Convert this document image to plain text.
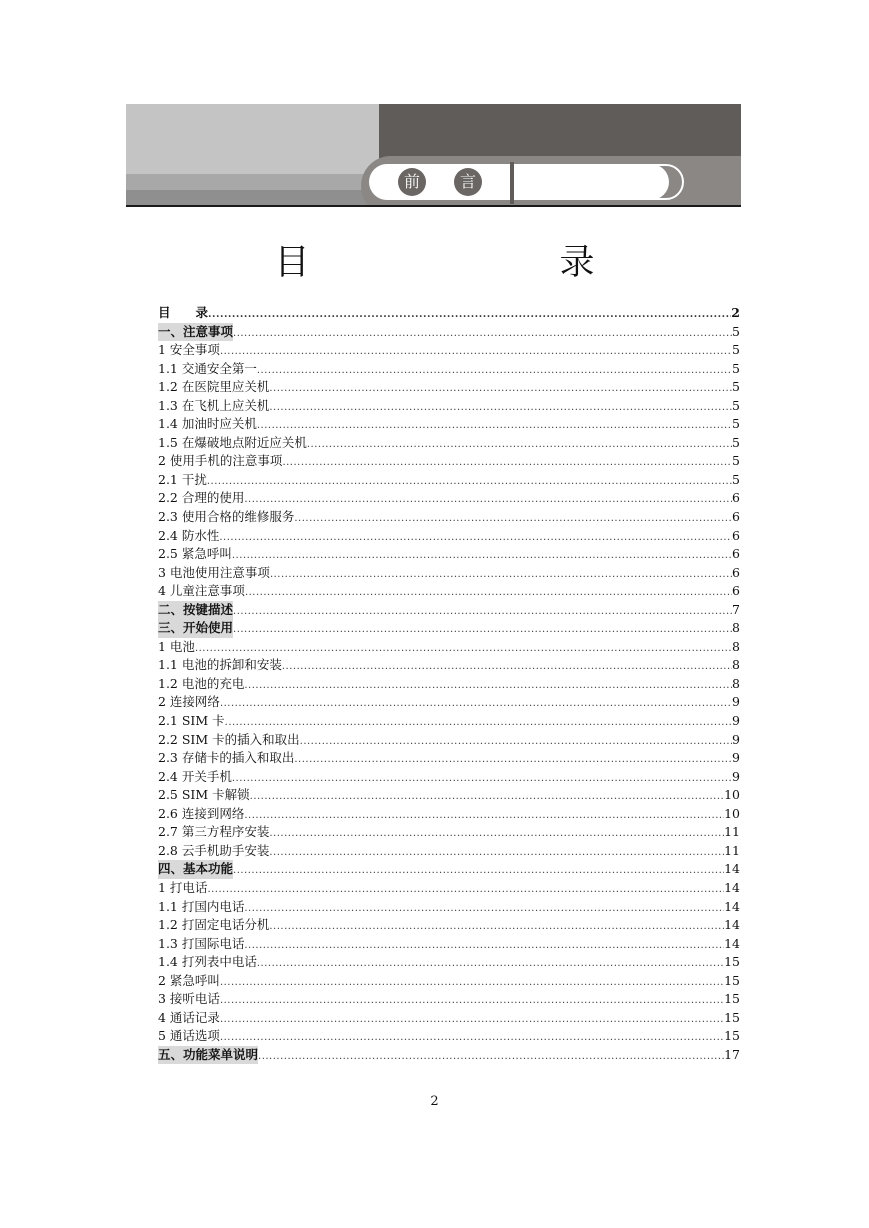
前	言	DOOV朵唯
目　　录
目　　录 .....	2
一、注意事项 .....	5
1 安全事项 .....	5
1.1 交通安全第一 .....	5
1.2 在医院里应关机 .....	5
1.3 在飞机上应关机 .....	5
1.4 加油时应关机 .....	5
1.5 在爆破地点附近应关机 .....	5
2 使用手机的注意事项 .....	5
2.1 干扰 .....	5
2.2 合理的使用 .....	6
2.3 使用合格的维修服务 .....	6
2.4 防水性 .....	6
2.5 紧急呼叫 .....	6
3 电池使用注意事项 .....	6
4 儿童注意事项 .....	6
二、按键描述 .....	7
三、开始使用 .....	8
1 电池 .....	8
1.1 电池的拆卸和安装 .....	8
1.2 电池的充电 .....	8
2 连接网络 .....	9
2.1 SIM 卡 .....	9
2.2 SIM 卡的插入和取出 .....	9
2.3 存储卡的插入和取出 .....	9
2.4 开关手机 .....	9
2.5 SIM 卡解锁 .....	10
2.6 连接到网络 .....	10
2.7 第三方程序安装 .....	11
2.8 云手机助手安装 .....	11
四、基本功能 .....	14
1 打电话 .....	14
1.1 打国内电话 .....	14
1.2 打固定电话分机 .....	14
1.3 打国际电话 .....	14
1.4 打列表中电话 .....	15
2 紧急呼叫 .....	15
3 接听电话 .....	15
4 通话记录 .....	15
5 通话选项 .....	15
五、功能菜单说明 .....	17
2
